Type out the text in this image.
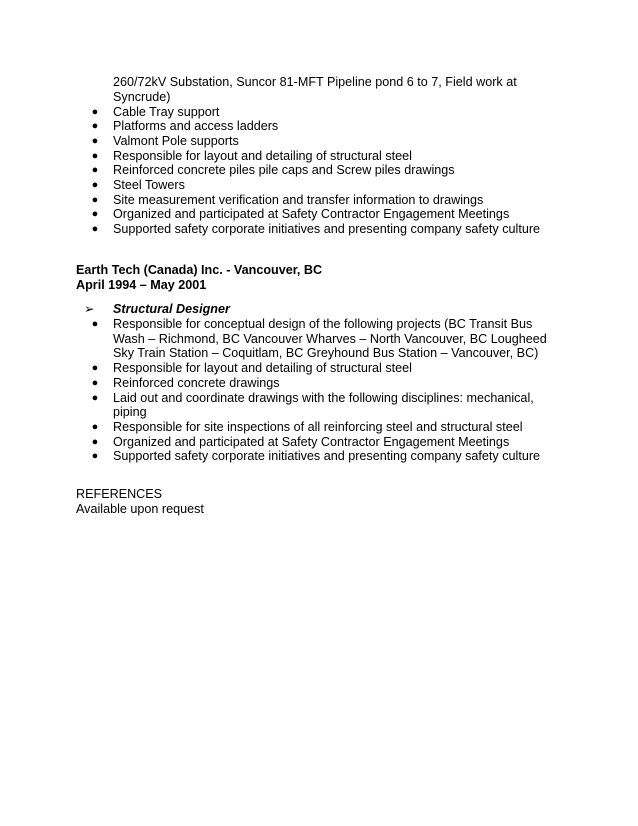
260/72kV Substation, Suncor 81-MFT Pipeline pond 6 to 7, Field work at
Syncrude)
● Cable Tray support
● Platforms and access ladders
● Valmont Pole supports
● Responsible for layout and detailing of structural steel
● Reinforced concrete piles pile caps and Screw piles drawings
● Steel Towers
● Site measurement verification and transfer information to drawings
● Organized and participated at Safety Contractor Engagement Meetings
● Supported safety corporate initiatives and presenting company safety culture
Earth Tech (Canada) Inc. - Vancouver, BC
April 1994 – May 2001
➢ Structural Designer
● Responsible for conceptual design of the following projects (BC Transit Bus Wash – Richmond, BC Vancouver Wharves – North Vancouver, BC Lougheed Sky Train Station – Coquitlam, BC Greyhound Bus Station – Vancouver, BC)
● Responsible for layout and detailing of structural steel
● Reinforced concrete drawings
● Laid out and coordinate drawings with the following disciplines: mechanical, piping
● Responsible for site inspections of all reinforcing steel and structural steel
● Organized and participated at Safety Contractor Engagement Meetings
● Supported safety corporate initiatives and presenting company safety culture
REFERENCES
Available upon request
